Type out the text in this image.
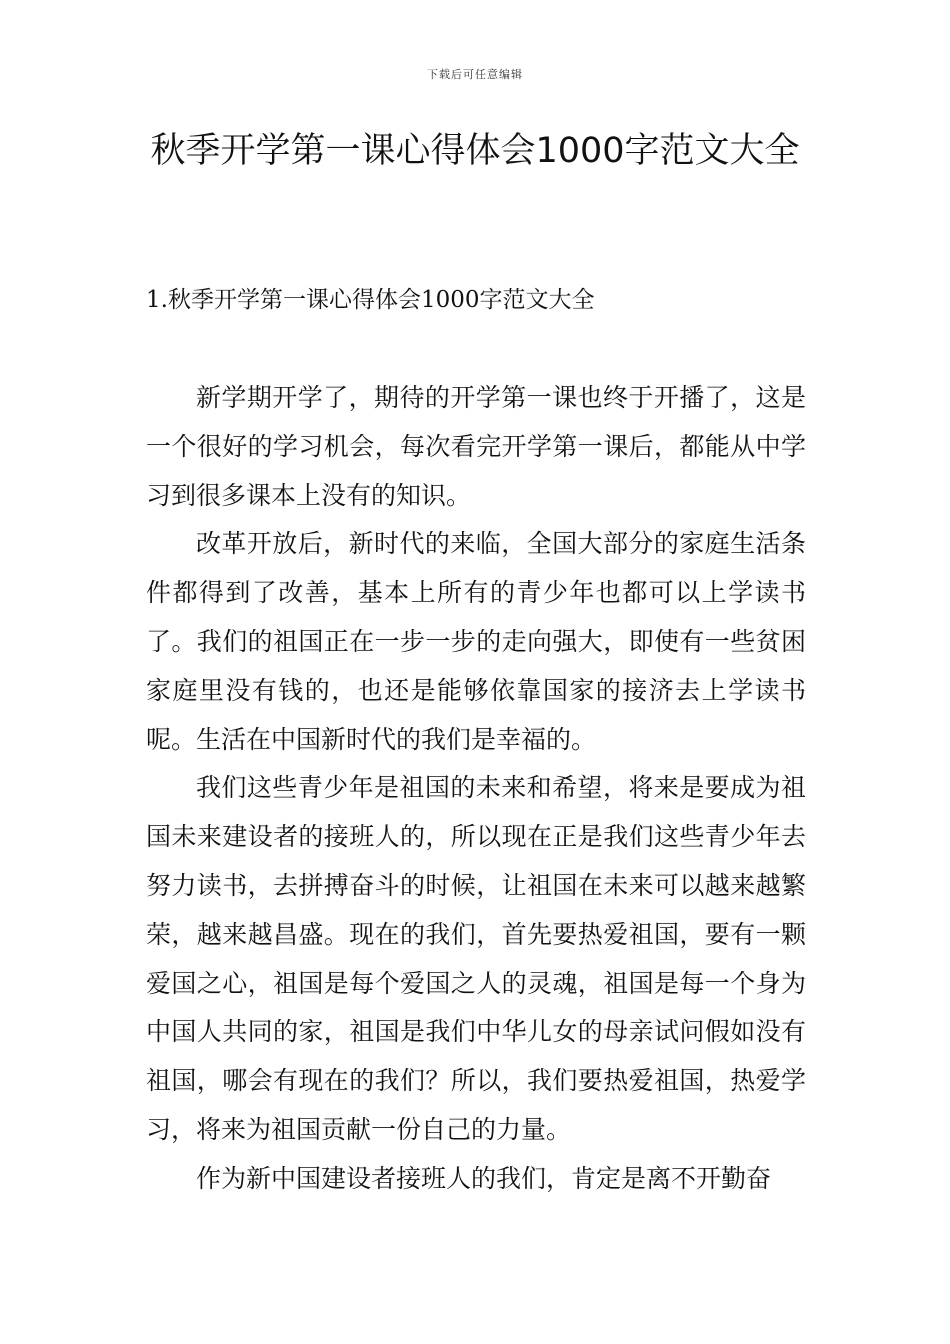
下载后可任意编辑
秋季开学第一课心得体会1000字范文大全
1.秋季开学第一课心得体会1000字范文大全

新学期开学了，期待的开学第一课也终于开播了，这是一个很好的学习机会，每次看完开学第一课后，都能从中学习到很多课本上没有的知识。

改革开放后，新时代的来临，全国大部分的家庭生活条件都得到了改善，基本上所有的青少年也都可以上学读书了。我们的祖国正在一步一步的走向强大，即使有一些贫困家庭里没有钱的，也还是能够依靠国家的接济去上学读书呢。生活在中国新时代的我们是幸福的。

我们这些青少年是祖国的未来和希望，将来是要成为祖国未来建设者的接班人的，所以现在正是我们这些青少年去努力读书，去拼搏奋斗的时候，让祖国在未来可以越来越繁荣，越来越昌盛。现在的我们，首先要热爱祖国，要有一颗爱国之心，祖国是每个爱国之人的灵魂，祖国是每一个身为中国人共同的家，祖国是我们中华儿女的母亲试问假如没有祖国，哪会有现在的我们？所以，我们要热爱祖国，热爱学习，将来为祖国贡献一份自己的力量。

作为新中国建设者接班人的我们，肯定是离不开勤奋
